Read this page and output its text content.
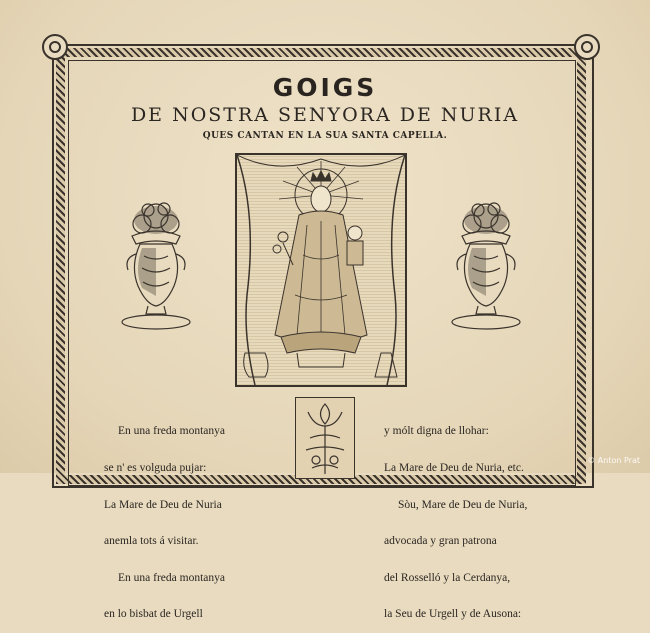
GOIGS
DE NOSTRA SENYORA DE NURIA
QUES CANTAN EN LA SUA SANTA CAPELLA.

En una freda montanya

se n' es volguda pujar:

La Mare de Deu de Nuria

anemla tots á visitar.

En una freda montanya

en lo bisbat de Urgell

y mólt digna de llohar:

La Mare de Deu de Nuria, etc.

Sòu, Mare de Deu de Nuria,

advocada y gran patrona

del Rosselló y la Cerdanya,

la Seu de Urgell y de Ausona:

© Anton Prat
